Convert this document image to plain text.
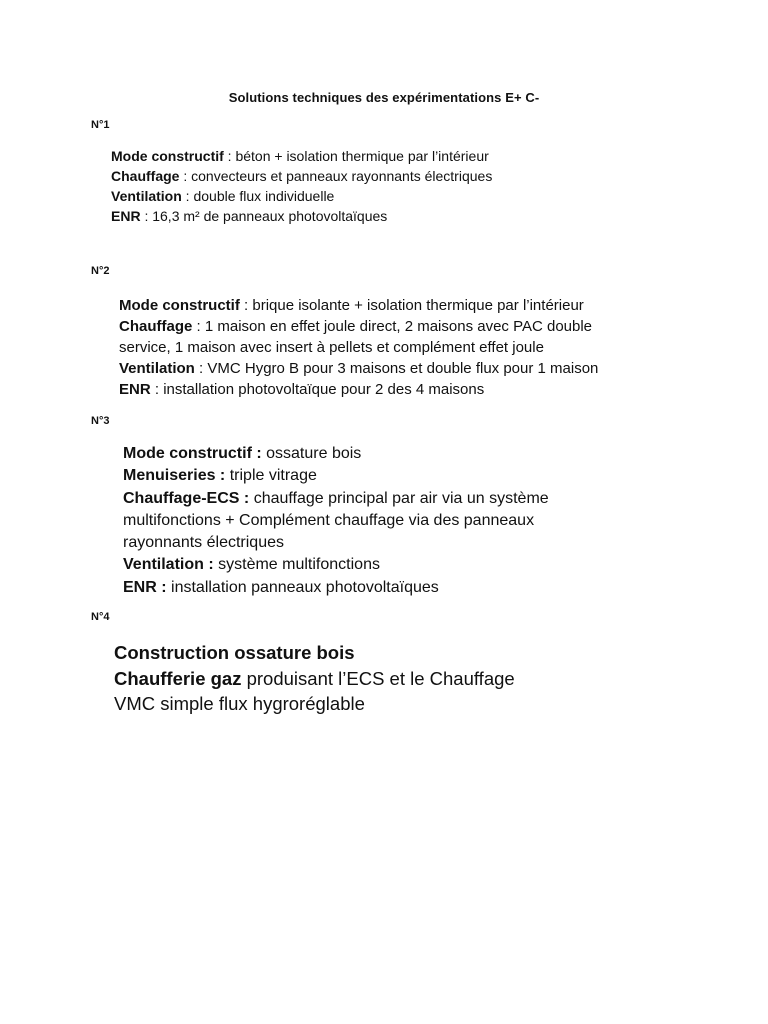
Solutions techniques des expérimentations E+ C-
N°1
Mode constructif : béton + isolation thermique par l’intérieur
Chauffage : convecteurs et panneaux rayonnants électriques
Ventilation : double flux individuelle
ENR : 16,3 m² de panneaux photovoltaïques
N°2
Mode constructif : brique isolante + isolation thermique par l’intérieur
Chauffage : 1 maison en effet joule direct, 2 maisons avec PAC double
service, 1 maison avec insert à pellets et complément effet joule
Ventilation : VMC Hygro B pour 3 maisons et double flux pour 1 maison
ENR : installation photovoltaïque pour 2 des 4 maisons
N°3
Mode constructif : ossature bois
Menuiseries : triple vitrage
Chauffage-ECS : chauffage principal par air via un système
multifonctions + Complément chauffage via des panneaux
rayonnants électriques
Ventilation : système multifonctions
ENR : installation panneaux photovoltaïques
N°4
Construction ossature bois
Chaufferie gaz produisant l’ECS et le Chauffage
VMC simple flux hygroréglable
